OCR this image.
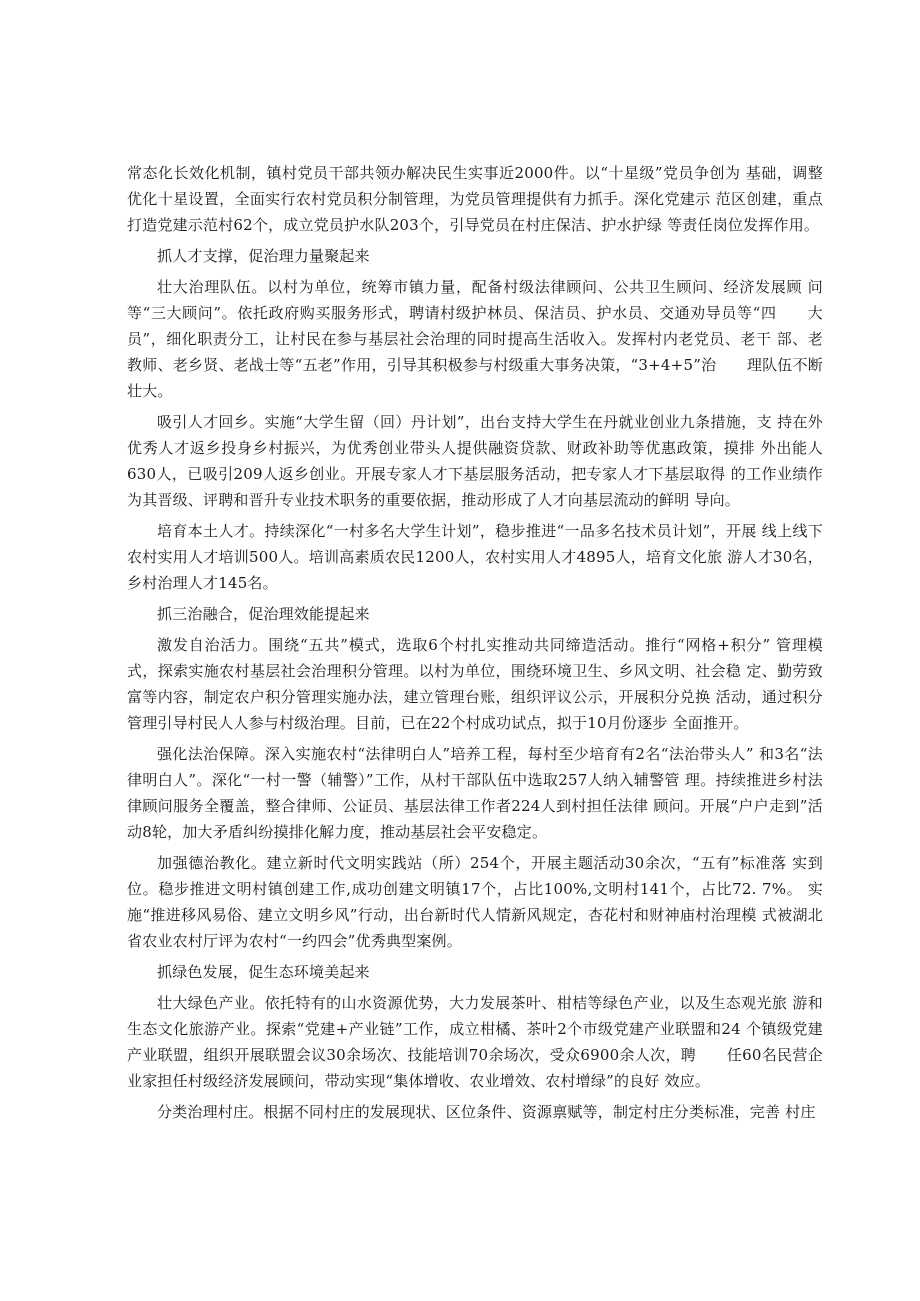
常态化长效化机制，镇村党员干部共领办解决民生实事近2000件。以“十星级”党员争创为 基础，调整优化十星设置，全面实行农村党员积分制管理，为党员管理提供有力抓手。深化党建示 范区创建，重点打造党建示范村62个，成立党员护水队203个，引导党员在村庄保洁、护水护绿 等责任岗位发挥作用。

抓人才支撑，促治理力量聚起来

壮大治理队伍。以村为单位，统筹市镇力量，配备村级法律顾问、公共卫生顾问、经济发展顾 问等“三大顾问”。依托政府购买服务形式，聘请村级护林员、保洁员、护水员、交通劝导员等“四　　大员”，细化职责分工，让村民在参与基层社会治理的同时提高生活收入。发挥村内老党员、老干 部、老教师、老乡贤、老战士等“五老”作用，引导其积极参与村级重大事务决策，“3+4+5”治　　理队伍不断壮大。

吸引人才回乡。实施“大学生留（回）丹计划”，出台支持大学生在丹就业创业九条措施，支 持在外优秀人才返乡投身乡村振兴，为优秀创业带头人提供融资贷款、财政补助等优惠政策，摸排 外出能人630人，已吸引209人返乡创业。开展专家人才下基层服务活动，把专家人才下基层取得 的工作业绩作为其晋级、评聘和晋升专业技术职务的重要依据，推动形成了人才向基层流动的鲜明 导向。

培育本土人才。持续深化“一村多名大学生计划”，稳步推进“一品多名技术员计划”，开展 线上线下农村实用人才培训500人。培训高素质农民1200人，农村实用人才4895人，培育文化旅 游人才30名，乡村治理人才145名。

抓三治融合，促治理效能提起来

激发自治活力。围绕“五共”模式，选取6个村扎实推动共同缔造活动。推行“网格+积分” 管理模式，探索实施农村基层社会治理积分管理。以村为单位，围绕环境卫生、乡风文明、社会稳 定、勤劳致富等内容，制定农户积分管理实施办法，建立管理台账，组织评议公示，开展积分兑换 活动，通过积分管理引导村民人人参与村级治理。目前，已在22个村成功试点，拟于10月份逐步 全面推开。

强化法治保障。深入实施农村“法律明白人”培养工程，每村至少培育有2名“法治带头人” 和3名“法律明白人”。深化“一村一警（辅警）”工作，从村干部队伍中选取257人纳入辅警管 理。持续推进乡村法律顾问服务全覆盖，整合律师、公证员、基层法律工作者224人到村担任法律 顾问。开展“户户走到”活动8轮，加大矛盾纠纷摸排化解力度，推动基层社会平安稳定。

加强德治教化。建立新时代文明实践站（所）254个，开展主题活动30余次，“五有”标准落 实到位。稳步推进文明村镇创建工作,成功创建文明镇17个，占比100%,文明村141个，占比72. 7%。 实施“推进移风易俗、建立文明乡风”行动，出台新时代人情新风规定，杏花村和财神庙村治理模 式被湖北省农业农村厅评为农村“一约四会”优秀典型案例。

抓绿色发展，促生态环境美起来

壮大绿色产业。依托特有的山水资源优势，大力发展茶叶、柑桔等绿色产业，以及生态观光旅 游和生态文化旅游产业。探索“党建+产业链”工作，成立柑橘、茶叶2个市级党建产业联盟和24 个镇级党建产业联盟，组织开展联盟会议30余场次、技能培训70余场次，受众6900余人次，聘　　任60名民营企业家担任村级经济发展顾问，带动实现“集体增收、农业增效、农村增绿”的良好 效应。

分类治理村庄。根据不同村庄的发展现状、区位条件、资源禀赋等，制定村庄分类标准，完善 村庄
